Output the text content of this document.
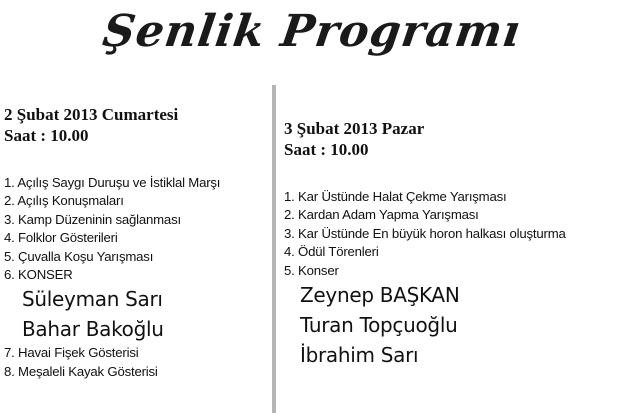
Şenlik Programı
2 Şubat 2013 Cumartesi
Saat : 10.00
1. Açılış Saygı Duruşu ve İstiklal Marşı
2. Açılış Konuşmaları
3. Kamp Düzeninin sağlanması
4. Folklor Gösterileri
5. Çuvalla Koşu Yarışması
6. KONSER
Süleyman Sarı
Bahar Bakoğlu
7. Havai Fişek Gösterisi
8. Meşaleli Kayak Gösterisi
3 Şubat 2013 Pazar
Saat : 10.00
1. Kar Üstünde Halat Çekme Yarışması
2. Kardan Adam Yapma Yarışması
3. Kar Üstünde En büyük horon halkası oluşturma
4. Ödül Törenleri
5. Konser
Zeynep BAŞKAN
Turan Topçuoğlu
İbrahim Sarı
